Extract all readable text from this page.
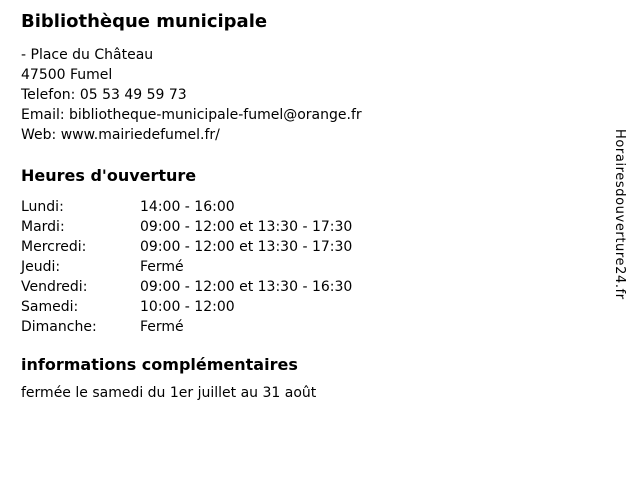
Bibliothèque municipale
- Place du Château
47500 Fumel
Telefon: 05 53 49 59 73
Email: bibliotheque-municipale-fumel@orange.fr
Web: www.mairiedefumel.fr/
Heures d'ouverture
Lundi:	14:00 - 16:00
Mardi:	09:00 - 12:00 et 13:30 - 17:30
Mercredi:	09:00 - 12:00 et 13:30 - 17:30
Jeudi:	Fermé
Vendredi:	09:00 - 12:00 et 13:30 - 16:30
Samedi:	10:00 - 12:00
Dimanche:	Fermé
informations complémentaires
fermée le samedi du 1er juillet au 31 août
Horairesdouverture24.fr
